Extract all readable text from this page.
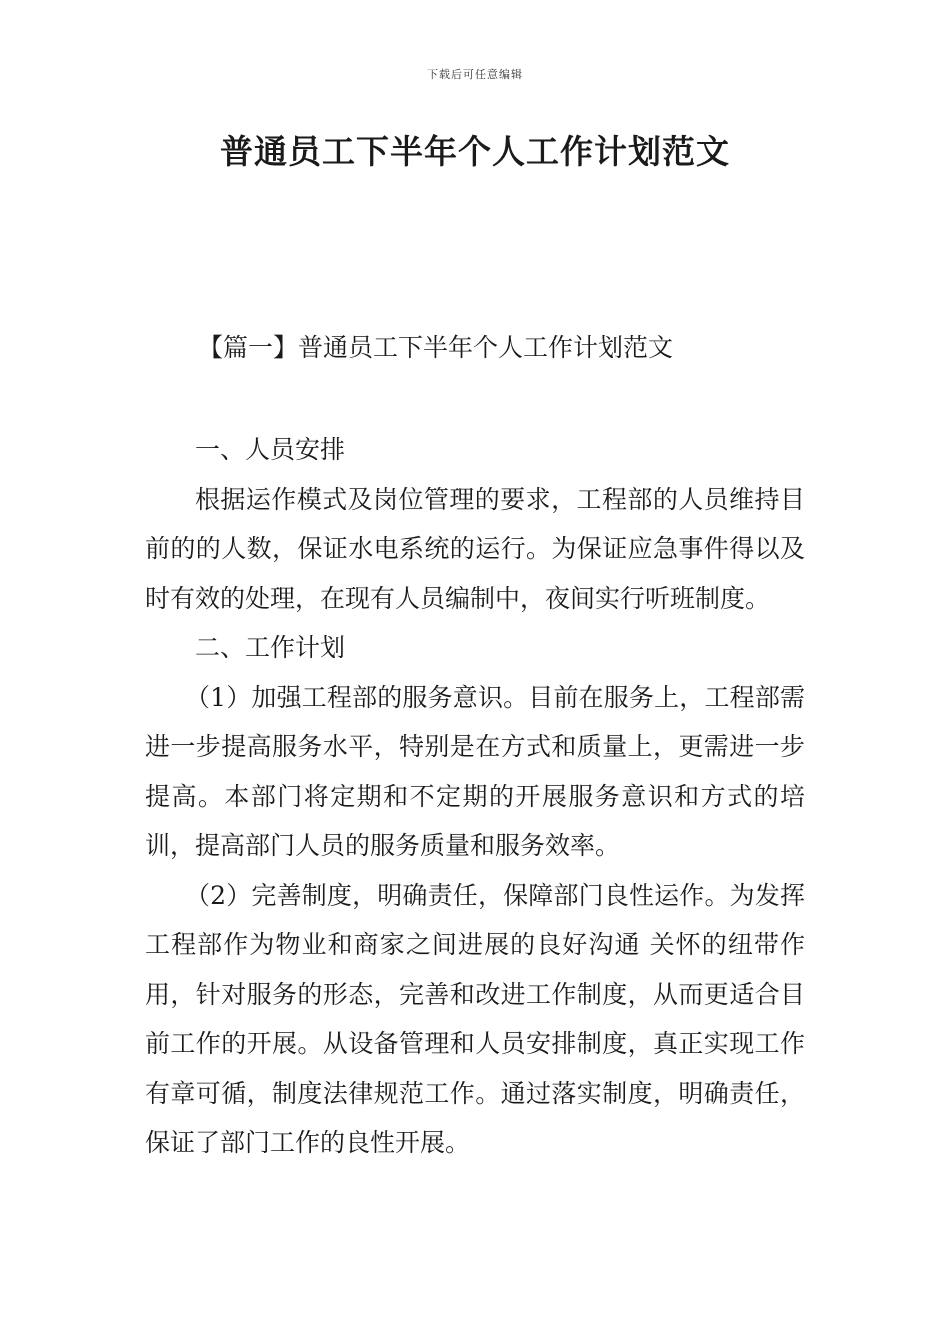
下载后可任意编辑
普通员工下半年个人工作计划范文
【篇一】普通员工下半年个人工作计划范文

一、人员安排

根据运作模式及岗位管理的要求，工程部的人员维持目前的的人数，保证水电系统的运行。为保证应急事件得以及时有效的处理，在现有人员编制中，夜间实行听班制度。

二、工作计划

（1）加强工程部的服务意识。目前在服务上，工程部需进一步提高服务水平，特别是在方式和质量上，更需进一步提高。本部门将定期和不定期的开展服务意识和方式的培训，提高部门人员的服务质量和服务效率。

（2）完善制度，明确责任，保障部门良性运作。为发挥工程部作为物业和商家之间进展的良好沟通 关怀的纽带作用，针对服务的形态，完善和改进工作制度，从而更适合目前工作的开展。从设备管理和人员安排制度，真正实现工作有章可循，制度法律规范工作。通过落实制度，明确责任，保证了部门工作的良性开展。
